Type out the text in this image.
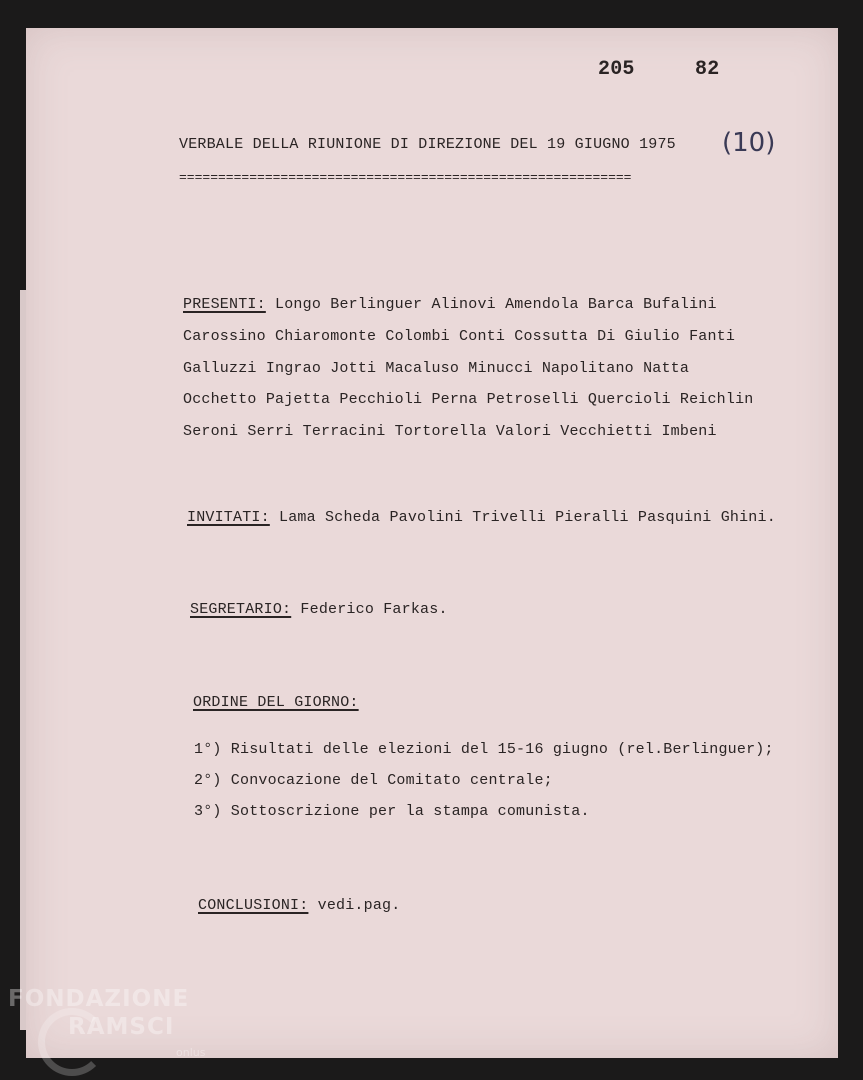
205	82
VERBALE DELLA RIUNIONE DI DIREZIONE DEL 19 GIUGNO 1975 (10)
==========================================================
PRESENTI: Longo Berlinguer Alinovi Amendola Barca Bufalini
Carossino Chiaromonte Colombi Conti Cossutta Di Giulio Fanti
Galluzzi Ingrao Jotti Macaluso Minucci Napolitano Natta
Occhetto Pajetta Pecchioli Perna Petroselli Quercioli Reichlin
Seroni Serri Terracini Tortorella Valori Vecchietti Imbeni
INVITATI: Lama Scheda Pavolini Trivelli Pieralli Pasquini Ghini.
SEGRETARIO: Federico Farkas.
ORDINE DEL GIORNO:
1°) Risultati delle elezioni del 15-16 giugno (rel.Berlinguer);
2°) Convocazione del Comitato centrale;
3°) Sottoscrizione per la stampa comunista.
CONCLUSIONI: vedi.pag.
FONDAZIONE
RAMSCI
onlus
